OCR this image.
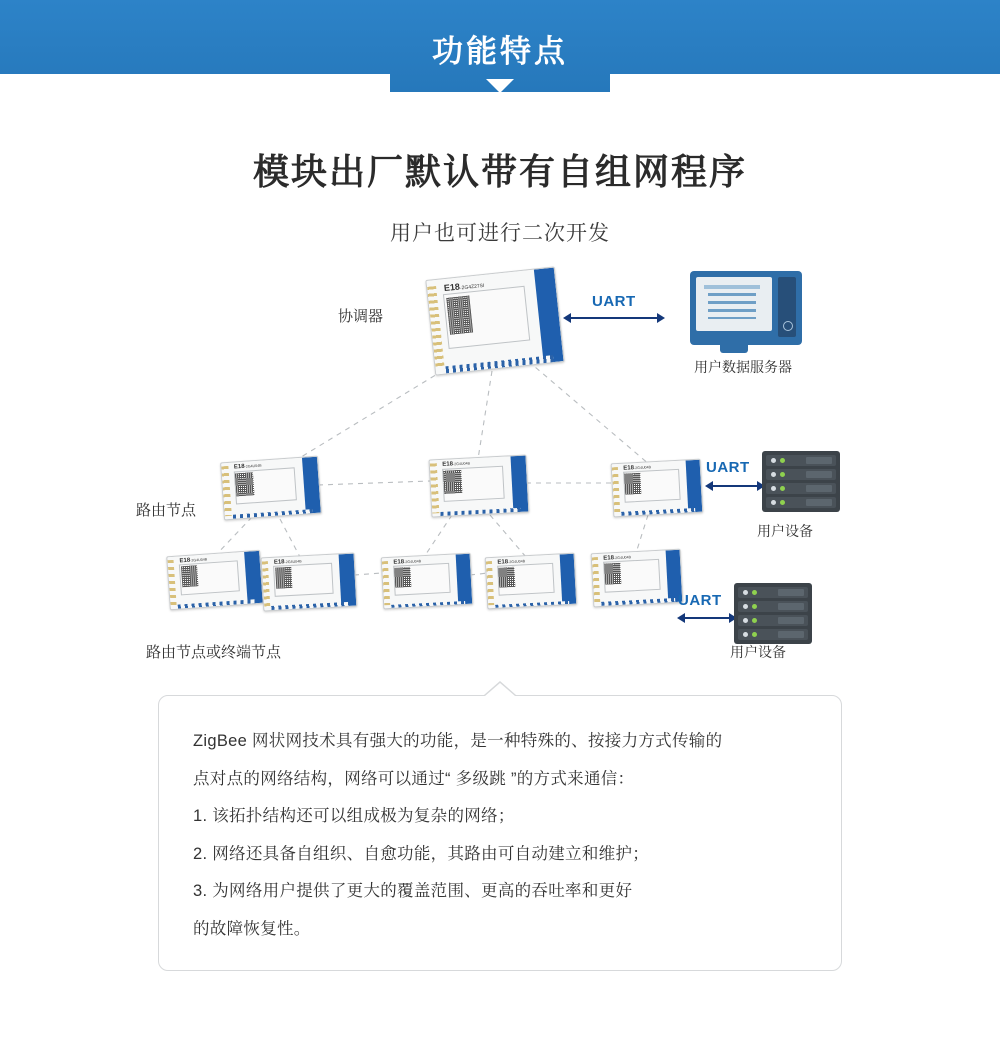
功能特点
模块出厂默认带有自组网程序
用户也可进行二次开发
E18-2G4Z27SI
E18-2G4U04B	E18-2G4U04B
E18-2G4U04B
E18-2G4U04B	E18-2G4U04B	E18-2G4U04B	E18-2G4U04B	E18-2G4U04B
协调器
路由节点
路由节点或终端节点
用户数据服务器
用户设备
用户设备
UART
UART
UART

ZigBee 网状网技术具有强大的功能，是一种特殊的、按接力方式传输的

点对点的网络结构，网络可以通过“ 多级跳 ”的方式来通信：

1. 该拓扑结构还可以组成极为复杂的网络；

2. 网络还具备自组织、自愈功能，其路由可自动建立和维护；

3. 为网络用户提供了更大的覆盖范围、更高的吞吐率和更好

的故障恢复性。
